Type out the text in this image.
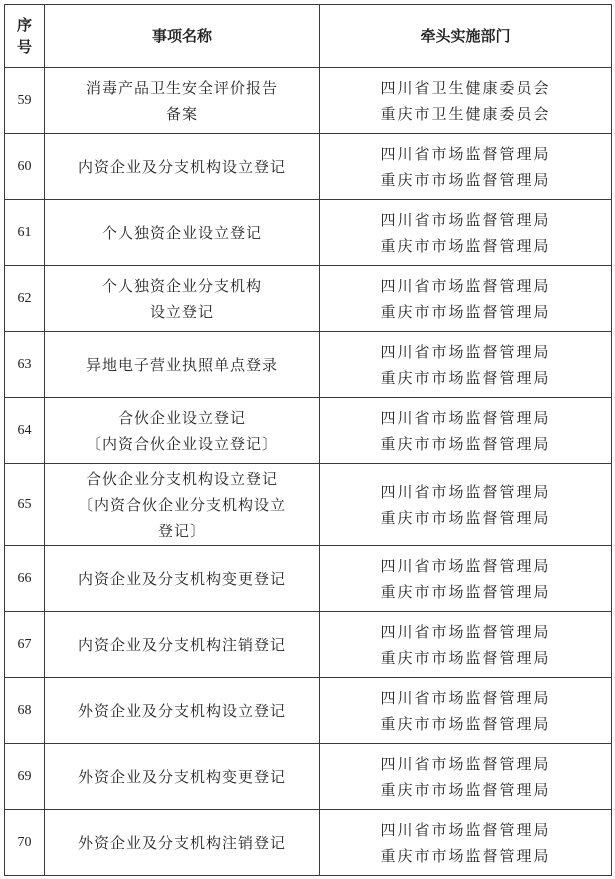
序
号	事项名称	牵头实施部门
59	消毒产品卫生安全评价报告
备案	四川省卫生健康委员会
重庆市卫生健康委员会

60	内资企业及分支机构设立登记	四川省市场监督管理局
重庆市市场监督管理局

61	个人独资企业设立登记	四川省市场监督管理局
重庆市市场监督管理局

62	个人独资企业分支机构
设立登记	四川省市场监督管理局
重庆市市场监督管理局

63	异地电子营业执照单点登录	四川省市场监督管理局
重庆市市场监督管理局

64	合伙企业设立登记
〔内资合伙企业设立登记〕	四川省市场监督管理局
重庆市市场监督管理局

65	合伙企业分支机构设立登记
〔内资合伙企业分支机构设立
登记〕	四川省市场监督管理局
重庆市市场监督管理局

66	内资企业及分支机构变更登记	四川省市场监督管理局
重庆市市场监督管理局

67	内资企业及分支机构注销登记	四川省市场监督管理局
重庆市市场监督管理局

68	外资企业及分支机构设立登记	四川省市场监督管理局
重庆市市场监督管理局

69	外资企业及分支机构变更登记	四川省市场监督管理局
重庆市市场监督管理局

70	外资企业及分支机构注销登记	四川省市场监督管理局
重庆市市场监督管理局
